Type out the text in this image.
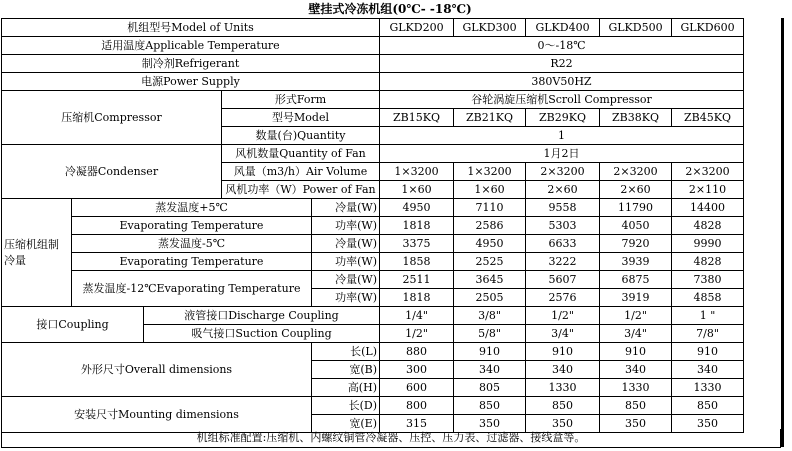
壁挂式冷冻机组(0℃- -18℃)
机组型号Model of Units					GLKD200	GLKD300	GLKD400	GLKD500	GLKD600
适用温度Applicable Temperature					0～-18℃				
制冷剂Refrigerant					R22				
电源Power Supply					380V50HZ				
压缩机Compressor			形式Form		谷轮涡旋压缩机Scroll Compressor				
			型号Model		ZB15KQ	ZB21KQ	ZB29KQ	ZB38KQ	ZB45KQ
			数量(台)Quantity		1				
冷凝器Condenser			风机数量Quantity of Fan		1月2日				
			风量（m3/h）Air Volume		1×3200	1×3200	2×3200	2×3200	2×3200
			风机功率（W）Power of Fan		1×60	1×60	2×60	2×60	2×110
压缩机组制冷量	蒸发温度+5℃			冷量(W)	4950	7110	9558	11790	14400
	Evaporating Temperature			功率(W)	1818	2586	5303	4050	4828
	蒸发温度-5℃			冷量(W)	3375	4950	6633	7920	9990
	Evaporating Temperature			功率(W)	1858	2525	3222	3939	4828
	蒸发温度-12℃Evaporating Temperature			冷量(W)	2511	3645	5607	6875	7380
				功率(W)	1818	2505	2576	3919	4858
接口Coupling		液管接口Discharge Coupling			1/4"	3/8"	1/2"	1/2"	1 "
		吸气接口Suction Coupling			1/2"	5/8"	3/4"	3/4"	7/8"
外形尺寸Overall dimensions				长(L)	880	910	910	910	910
				宽(B)	300	340	340	340	340
				高(H)	600	805	1330	1330	1330
安装尺寸Mounting dimensions				长(D)	800	850	850	850	850
				宽(E)	315	350	350	350	350
机组标准配置:压缩机、内螺纹铜管冷凝器、压控、压力表、过滤器、接线盒等。
